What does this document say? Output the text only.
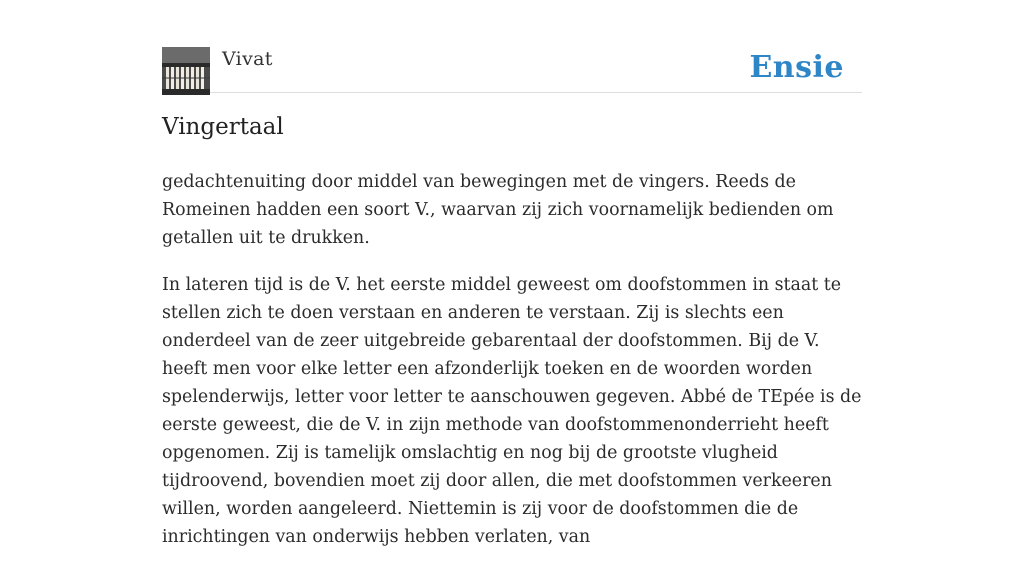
Vivat	Ensie
Vingertaal

gedachtenuiting door middel van bewegingen met de vingers. Reeds de Romeinen hadden een soort V., waarvan zij zich voornamelijk bedienden om getallen uit te drukken.

In lateren tijd is de V. het eerste middel geweest om doofstommen in staat te stellen zich te doen verstaan en anderen te verstaan. Zij is slechts een onderdeel van de zeer uitgebreide gebarentaal der doofstommen. Bij de V. heeft men voor elke letter een afzonderlijk toeken en de woorden worden spelenderwijs, letter voor letter te aanschouwen gegeven. Abbé de TEpée is de eerste geweest, die de V. in zijn methode van doofstommenonderrieht heeft opgenomen. Zij is tamelijk omslachtig en nog bij de grootste vlugheid tijdroovend, bovendien moet zij door allen, die met doofstommen verkeeren willen, worden aangeleerd. Niettemin is zij voor de doofstommen die de inrichtingen van onderwijs hebben verlaten, van
